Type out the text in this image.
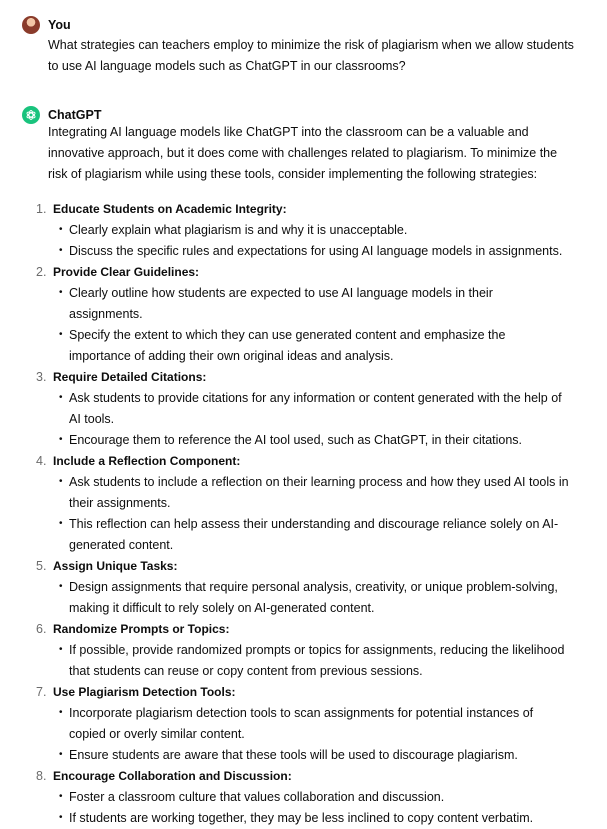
You
What strategies can teachers employ to minimize the risk of plagiarism when we allow students to use AI language models such as ChatGPT in our classrooms?
ChatGPT
Integrating AI language models like ChatGPT into the classroom can be a valuable and innovative approach, but it does come with challenges related to plagiarism. To minimize the risk of plagiarism while using these tools, consider implementing the following strategies:
1. Educate Students on Academic Integrity:
• Clearly explain what plagiarism is and why it is unacceptable.
• Discuss the specific rules and expectations for using AI language models in assignments.
2. Provide Clear Guidelines:
• Clearly outline how students are expected to use AI language models in their assignments.
• Specify the extent to which they can use generated content and emphasize the importance of adding their own original ideas and analysis.
3. Require Detailed Citations:
• Ask students to provide citations for any information or content generated with the help of AI tools.
• Encourage them to reference the AI tool used, such as ChatGPT, in their citations.
4. Include a Reflection Component:
• Ask students to include a reflection on their learning process and how they used AI tools in their assignments.
• This reflection can help assess their understanding and discourage reliance solely on AI-generated content.
5. Assign Unique Tasks:
• Design assignments that require personal analysis, creativity, or unique problem-solving, making it difficult to rely solely on AI-generated content.
6. Randomize Prompts or Topics:
• If possible, provide randomized prompts or topics for assignments, reducing the likelihood that students can reuse or copy content from previous sessions.
7. Use Plagiarism Detection Tools:
• Incorporate plagiarism detection tools to scan assignments for potential instances of copied or overly similar content.
• Ensure students are aware that these tools will be used to discourage plagiarism.
8. Encourage Collaboration and Discussion:
• Foster a classroom culture that values collaboration and discussion.
• If students are working together, they may be less inclined to copy content verbatim.
